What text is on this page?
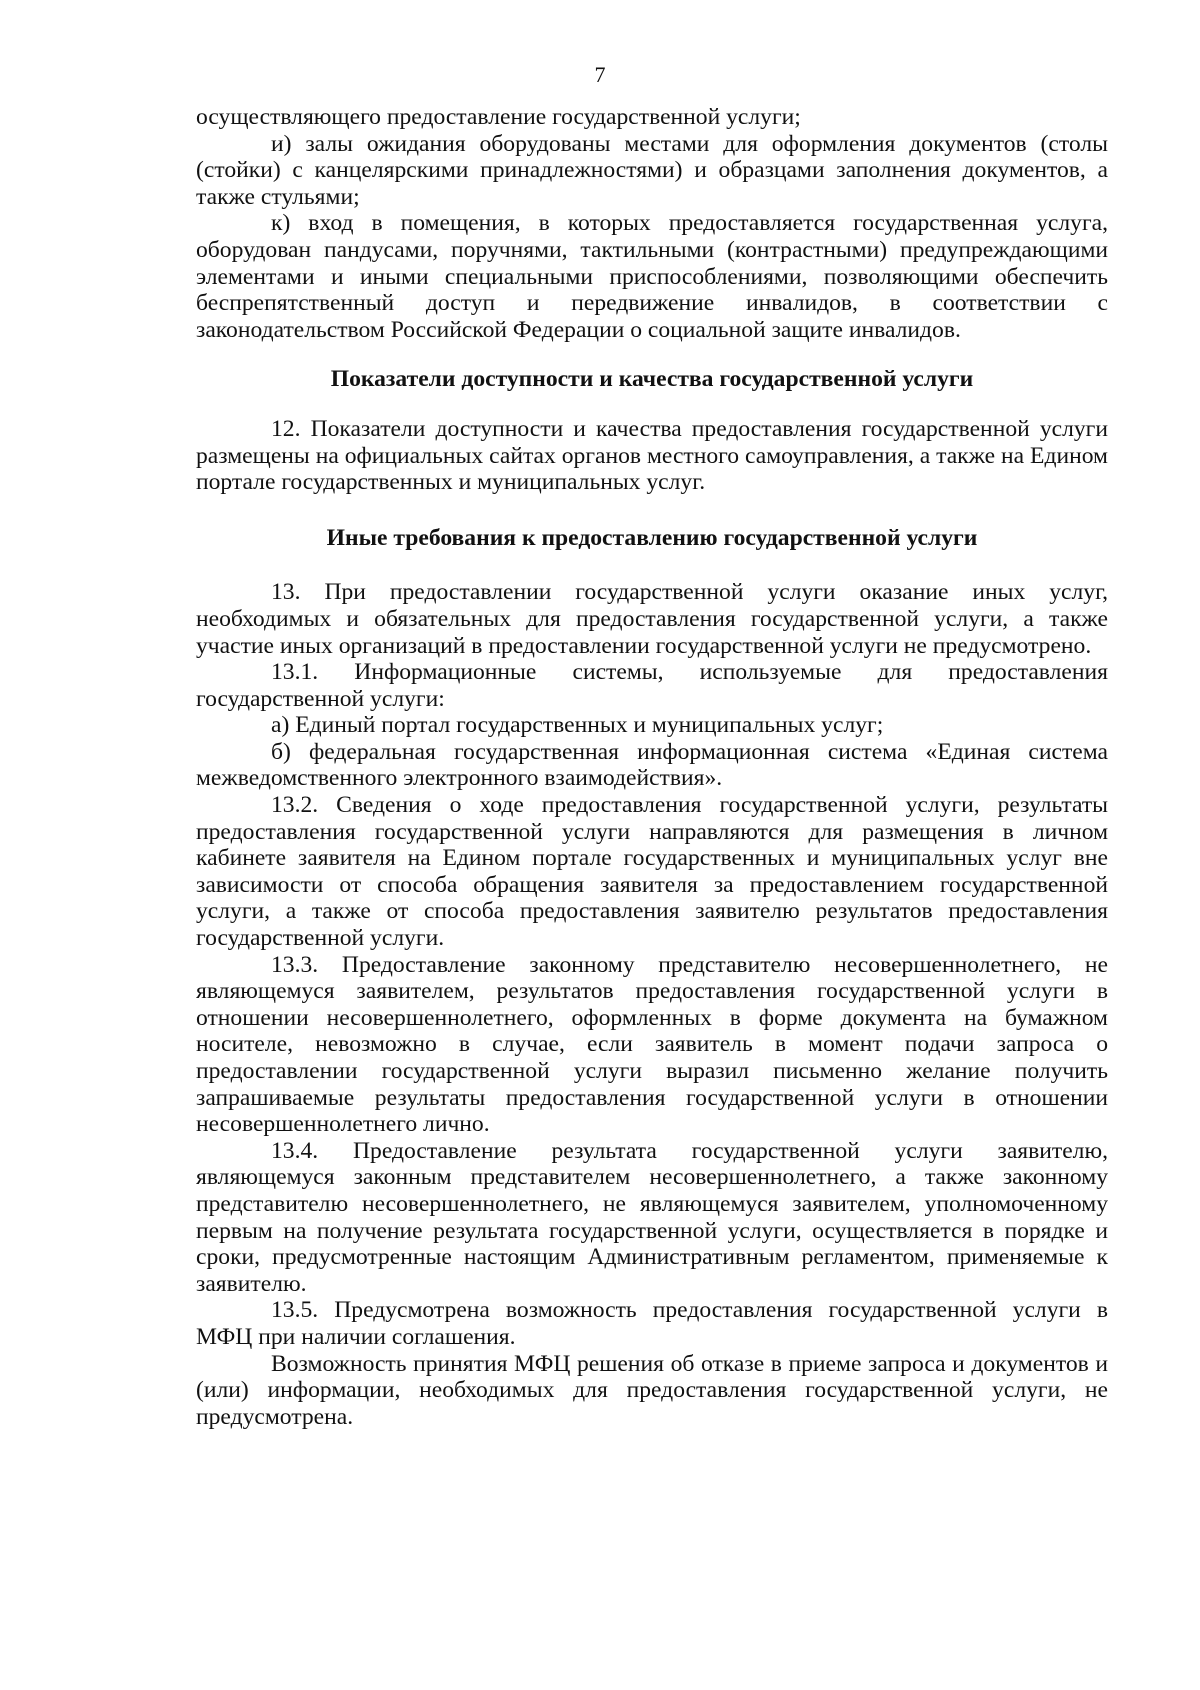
7

осуществляющего предоставление государственной услуги;

и) залы ожидания оборудованы местами для оформления документов (столы (стойки) с канцелярскими принадлежностями) и образцами заполнения документов, а также стульями;

к) вход в помещения, в которых предоставляется государственная услуга, оборудован пандусами, поручнями, тактильными (контрастными) предупреждающими элементами и иными специальными приспособлениями, позволяющими обеспечить беспрепятственный доступ и передвижение инвалидов, в соответствии с законодательством Российской Федерации о социальной защите инвалидов.

Показатели доступности и качества государственной услуги

12. Показатели доступности и качества предоставления государственной услуги размещены на официальных сайтах органов местного самоуправления, а также на Едином портале государственных и муниципальных услуг.

Иные требования к предоставлению государственной услуги

13. При предоставлении государственной услуги оказание иных услуг, необходимых и обязательных для предоставления государственной услуги, а также участие иных организаций в предоставлении государственной услуги не предусмотрено.

13.1. Информационные системы, используемые для предоставления государственной услуги:

а) Единый портал государственных и муниципальных услуг;

б) федеральная государственная информационная система «Единая система межведомственного электронного взаимодействия».

13.2. Сведения о ходе предоставления государственной услуги, результаты предоставления государственной услуги направляются для размещения в личном кабинете заявителя на Едином портале государственных и муниципальных услуг вне зависимости от способа обращения заявителя за предоставлением государственной услуги, а также от способа предоставления заявителю результатов предоставления государственной услуги.

13.3. Предоставление законному представителю несовершеннолетнего, не являющемуся заявителем, результатов предоставления государственной услуги в отношении несовершеннолетнего, оформленных в форме документа на бумажном носителе, невозможно в случае, если заявитель в момент подачи запроса о предоставлении государственной услуги выразил письменно желание получить запрашиваемые результаты предоставления государственной услуги в отношении несовершеннолетнего лично.

13.4. Предоставление результата государственной услуги заявителю, являющемуся законным представителем несовершеннолетнего, а также законному представителю несовершеннолетнего, не являющемуся заявителем, уполномоченному первым на получение результата государственной услуги, осуществляется в порядке и сроки, предусмотренные настоящим Административным регламентом, применяемые к заявителю.

13.5. Предусмотрена возможность предоставления государственной услуги в МФЦ при наличии соглашения.

Возможность принятия МФЦ решения об отказе в приеме запроса и документов и (или) информации, необходимых для предоставления государственной услуги, не предусмотрена.
